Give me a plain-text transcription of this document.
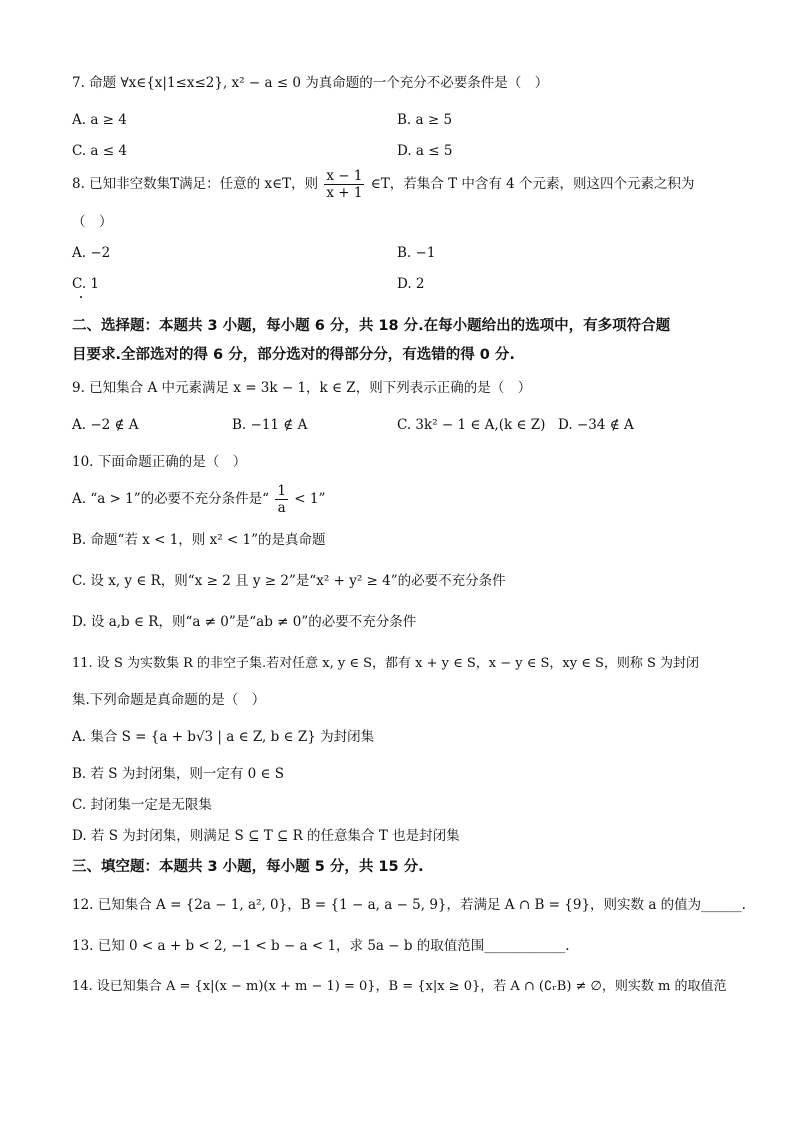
7. 命题 ∀x∈{x|1≤x≤2}, x² − a ≤ 0 为真命题的一个充分不必要条件是（　）
A. a ≥ 4	B. a ≥ 5
C. a ≤ 4	D. a ≤ 5
8. 已知非空数集T满足：任意的 x∈T，则 $\frac{x - 1}{x + 1}$ ∈T，若集合 T 中含有 4 个元素，则这四个元素之积为
（　）
A. −2	B. −1
C. 1	D. 2
二、选择题：本题共 3 小题，每小题 6 分，共 18 分.在每小题给出的选项中，有多项符合题
目要求.全部选对的得 6 分，部分选对的得部分分，有选错的得 0 分.
9. 已知集合 A 中元素满足 x = 3k − 1，k ∈ Z，则下列表示正确的是（　）
A. −2 ∉ A	B. −11 ∉ A	C. 3k² − 1 ∈ A,(k ∈ Z) D. −34 ∉ A
10. 下面命题正确的是（　）
A. “a > 1”的必要不充分条件是“ $\frac{1}{a} < 1$”
B. 命题“若 x < 1，则 x² < 1”的是真命题
C. 设 x, y ∈ R，则“x ≥ 2 且 y ≥ 2”是“x² + y² ≥ 4”的必要不充分条件
D. 设 a,b ∈ R，则“a ≠ 0”是“ab ≠ 0”的必要不充分条件
11. 设 S 为实数集 R 的非空子集.若对任意 x, y ∈ S，都有 x + y ∈ S，x − y ∈ S，xy ∈ S，则称 S 为封闭
集.下列命题是真命题的是（　）
A. 集合 S = {a + b√3 | a ∈ Z, b ∈ Z} 为封闭集
B. 若 S 为封闭集，则一定有 0 ∈ S
C. 封闭集一定是无限集
D. 若 S 为封闭集，则满足 S ⊆ T ⊆ R 的任意集合 T 也是封闭集
三、填空题：本题共 3 小题，每小题 5 分，共 15 分.
12. 已知集合 A = {2a − 1, a², 0}，B = {1 − a, a − 5, 9}，若满足 A ∩ B = {9}，则实数 a 的值为______.
13. 已知 0 < a + b < 2, −1 < b − a < 1，求 5a − b 的取值范围____________.
14. 设已知集合 A = {x|(x − m)(x + m − 1) = 0}，B = {x|x ≥ 0}，若 A ∩ (∁ᵣB) ≠ ∅，则实数 m 的取值范
